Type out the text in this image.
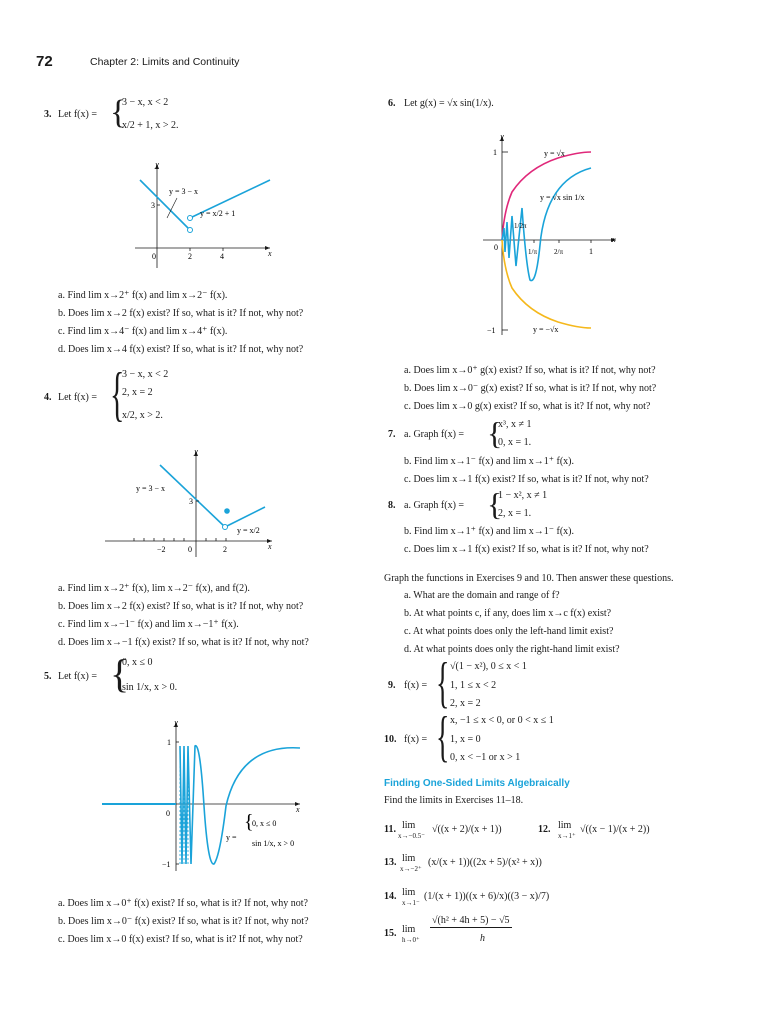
72	Chapter 2: Limits and Continuity
3. Let f(x) = {
3 − x, x < 2
x/2 + 1, x > 2.
y
x
y = 3 − x
y = x/2 + 1
3
0	2	4
a. Find lim x→2⁺ f(x) and lim x→2⁻ f(x).
b. Does lim x→2 f(x) exist? If so, what is it? If not, why not?
c. Find lim x→4⁻ f(x) and lim x→4⁺ f(x).
d. Does lim x→4 f(x) exist? If so, what is it? If not, why not?
4. Let f(x) = {
3 − x, x < 2
2, x = 2
x/2, x > 2.
y
x
y = 3 − x
y = x/2
3
−2	0	2
a. Find lim x→2⁺ f(x), lim x→2⁻ f(x), and f(2).
b. Does lim x→2 f(x) exist? If so, what is it? If not, why not?
c. Find lim x→−1⁻ f(x) and lim x→−1⁺ f(x).
d. Does lim x→−1 f(x) exist? If so, what is it? If not, why not?
5. Let f(x) = {
0, x ≤ 0
sin 1/x, x > 0.
y
x
1
0
−1
y =
{
0, x ≤ 0
sin 1/x, x > 0
a. Does lim x→0⁺ f(x) exist? If so, what is it? If not, why not?
b. Does lim x→0⁻ f(x) exist? If so, what is it? If not, why not?
c. Does lim x→0 f(x) exist? If so, what is it? If not, why not?
6. Let g(x) = √x sin(1/x).
y
x
1
−1
0
y = √x
y = √x sin 1/x
y = −√x
1/2π
1/π 2/π	1
a. Does lim x→0⁺ g(x) exist? If so, what is it? If not, why not?
b. Does lim x→0⁻ g(x) exist? If so, what is it? If not, why not?
c. Does lim x→0 g(x) exist? If so, what is it? If not, why not?
7. a. Graph f(x) = {
x³, x ≠ 1
0, x = 1.
b. Find lim x→1⁻ f(x) and lim x→1⁺ f(x).
c. Does lim x→1 f(x) exist? If so, what is it? If not, why not?
8. a. Graph f(x) = {
1 − x², x ≠ 1
2, x = 1.
b. Find lim x→1⁺ f(x) and lim x→1⁻ f(x).
c. Does lim x→1 f(x) exist? If so, what is it? If not, why not?
Graph the functions in Exercises 9 and 10. Then answer these questions.
a. What are the domain and range of f?
b. At what points c, if any, does lim x→c f(x) exist?
c. At what points does only the left-hand limit exist?
d. At what points does only the right-hand limit exist?
9. f(x) = { √(1 − x²), 0 ≤ x < 1
1, 1 ≤ x < 2
2, x = 2
10. f(x) = { x, −1 ≤ x < 0, or 0 < x ≤ 1
1, x = 0
0, x < −1 or x > 1
Finding One-Sided Limits Algebraically
Find the limits in Exercises 11–18.
11. lim
x→−0.5⁻
√((x + 2)/(x + 1))	12. lim
x→1⁺
√((x − 1)/(x + 2))
13. lim
x→−2⁺
(x/(x + 1))((2x + 5)/(x² + x))
14. lim
x→1⁻
(1/(x + 1))((x + 6)/x)((3 − x)/7)
15. lim
h→0⁺
√(h² + 4h + 5) − √5
h
